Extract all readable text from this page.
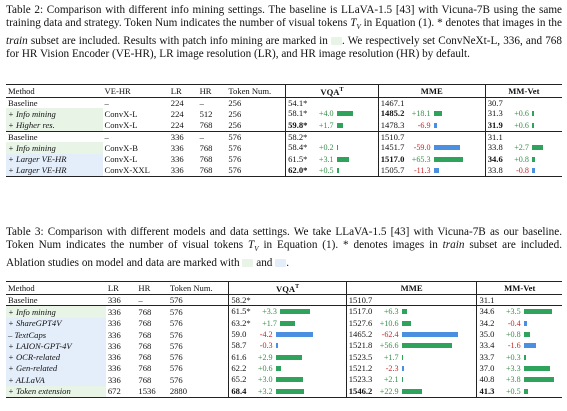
Table 2: Comparison with different info mining settings. The baseline is LLaVA-1.5 [43] with Vicuna-7B using the same training data and strategy. Token Num indicates the number of visual tokens $T_V$ in Equation (1). * denotes that images in the train subset are included. Results with patch info mining are marked in . We respectively set ConvNeXt-L, 336, and 768 for HR Vision Encoder (VE-HR), LR image resolution (LR), and HR image resolution (HR) by default.
Method	VE-HR	LR	HR	Token Num.	$VQA^T$	MME	MM-Vet
Baseline	–	224	–	256	54.1*	1467.1	30.7
+ Info mining	ConvX-L	224	512	256	58.1* +4.0	1485.2 +18.1	31.3 +0.6
+ Higher res.	ConvX-L	224	768	256	59.8* +1.7	1478.3 -6.9	31.9 +0.6
Baseline	–	336	–	576	58.2*	1510.7	31.1
+ Info mining	ConvX-B	336	768	576	58.4* +0.2	1451.7 -59.0	33.8 +2.7
+ Larger VE-HR	ConvX-L	336	768	576	61.5* +3.1	1517.0 +65.3	34.6 +0.8
+ Larger VE-HR	ConvX-XXL	336	768	576	62.0* +0.5	1505.7 -11.3	33.8 -0.8
Table 3: Comparison with different models and data settings. We take LLaVA-1.5 [43] with Vicuna-7B as our baseline. Token Num indicates the number of visual tokens $T_V$ in Equation (1). * denotes images in train subset are included. Ablation studies on model and data are marked with  and .
Method	LR	HR	Token Num.	$VQA^T$	MME	MM-Vet
Baseline	336	–	576	58.2*	1510.7	31.1
+ Info mining	336	768	576	61.5* +3.3	1517.0 +6.3	34.6 +3.5
+ ShareGPT4V	336	768	576	63.2* +1.7	1527.6 +10.6	34.2 -0.4
– TextCaps	336	768	576	59.0 -4.2	1465.2 -62.4	35.0 +0.8
+ LAION-GPT-4V	336	768	576	58.7 -0.3	1521.8 +56.6	33.4 -1.6
+ OCR-related	336	768	576	61.6 +2.9	1523.5 +1.7	33.7 +0.3
+ Gen-related	336	768	576	62.2 +0.6	1521.2 -2.3	37.0 +3.3
+ ALLaVA	336	768	576	65.2 +3.0	1523.3 +2.1	40.8 +3.8
+ Token extension	672	1536	2880	68.4 +3.2	1546.2 +22.9	41.3 +0.5
